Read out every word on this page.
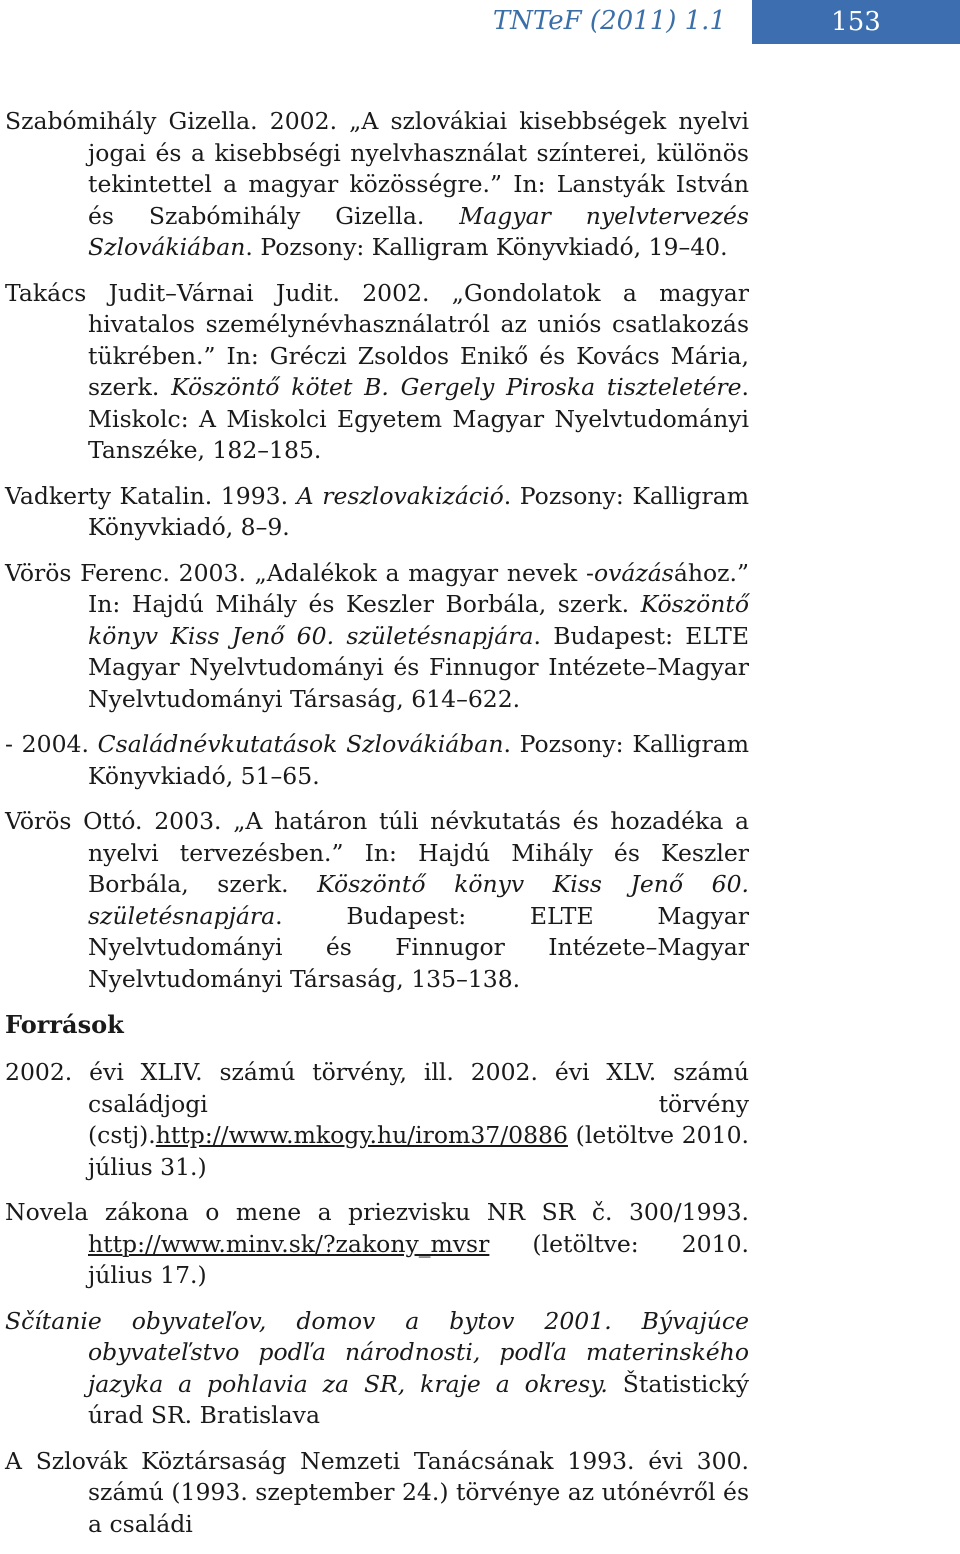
TNTeF (2011) 1.1	153

Szabómihály Gizella. 2002. „A szlovákiai kisebbségek nyelvi jogai és a kisebbségi nyelvhasználat színterei, különös tekintettel a magyar közösségre.” In: Lanstyák István és Szabómihály Gizella. Magyar nyelvtervezés Szlovákiában. Pozsony: Kalligram Könyvkiadó, 19–40.

Takács Judit–Várnai Judit. 2002. „Gondolatok a magyar hivatalos személynévhasználatról az uniós csatlakozás tükrében.” In: Gréczi Zsoldos Enikő és Kovács Mária, szerk. Köszöntő kötet B. Gergely Piroska tiszteletére. Miskolc: A Miskolci Egyetem Magyar Nyelvtudományi Tanszéke, 182–185.

Vadkerty Katalin. 1993. A reszlovakizáció. Pozsony: Kalligram Könyvkiadó, 8–9.

Vörös Ferenc. 2003. „Adalékok a magyar nevek -ovázásához.” In: Hajdú Mihály és Keszler Borbála, szerk. Köszöntő könyv Kiss Jenő 60. születésnapjára. Budapest: ELTE Magyar Nyelvtudományi és Finnugor Intézete–Magyar Nyelvtudományi Társaság, 614–622.

- 2004. Családnévkutatások Szlovákiában. Pozsony: Kalligram Könyvkiadó, 51–65.

Vörös Ottó. 2003. „A határon túli névkutatás és hozadéka a nyelvi tervezésben.” In: Hajdú Mihály és Keszler Borbála, szerk. Köszöntő könyv Kiss Jenő 60. születésnapjára. Budapest: ELTE Magyar Nyelvtudományi és Finnugor Intézete–Magyar Nyelvtudományi Társaság, 135–138.

Források

2002. évi XLIV. számú törvény, ill. 2002. évi XLV. számú családjogi törvény (cstj).http://www.mkogy.hu/irom37/0886 (letöltve 2010. július 31.)

Novela zákona o mene a priezvisku NR SR č. 300/1993. http://www.minv.sk/?zakony_mvsr (letöltve: 2010. július 17.)

Sčítanie obyvateľov, domov a bytov 2001. Bývajúce obyvateľstvo podľa národnosti, podľa materinského jazyka a pohlavia za SR, kraje a okresy. Štatistický úrad SR. Bratislava

A Szlovák Köztársaság Nemzeti Tanácsának 1993. évi 300. számú (1993. szeptember 24.) törvénye az utónévről és a családi
